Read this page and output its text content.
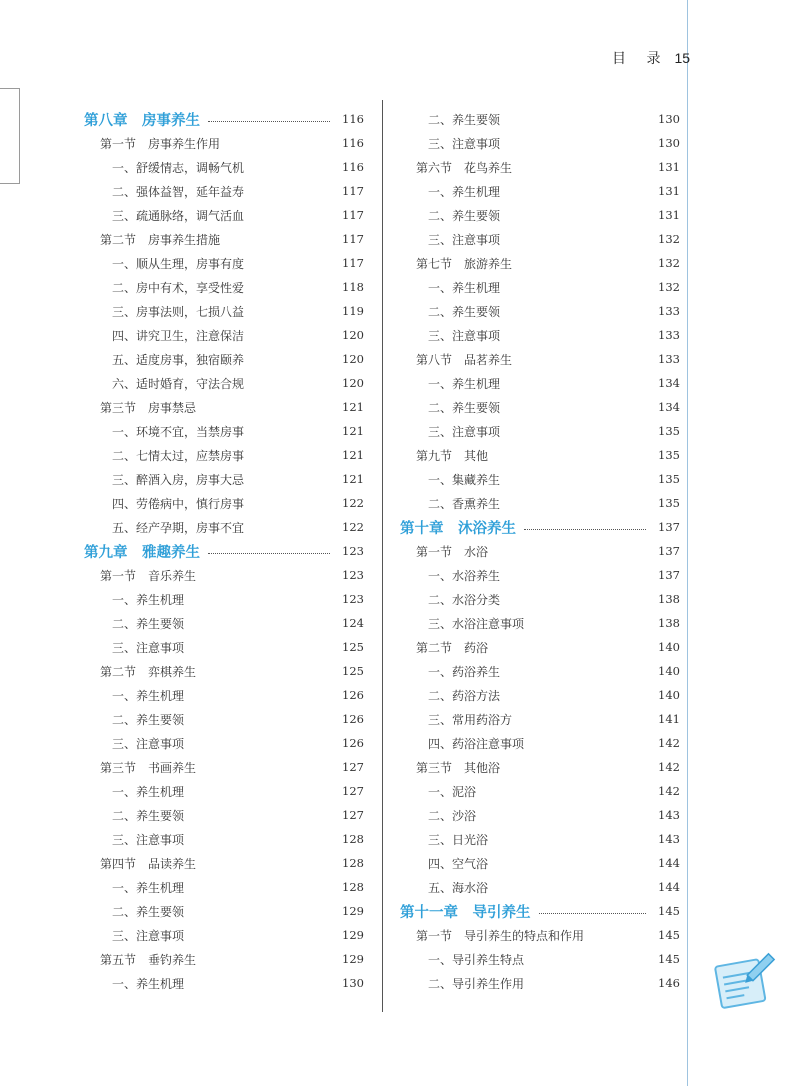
目 录 15
第八章　房事养生	116
第一节　房事养生作用	116
一、舒缓情志，调畅气机	116
二、强体益智，延年益寿	117
三、疏通脉络，调气活血	117
第二节　房事养生措施	117
一、顺从生理，房事有度	117
二、房中有术，享受性爱	118
三、房事法则，七损八益	119
四、讲究卫生，注意保洁	120
五、适度房事，独宿颐养	120
六、适时婚育，守法合规	120
第三节　房事禁忌	121
一、环境不宜，当禁房事	121
二、七情太过，应禁房事	121
三、醉酒入房，房事大忌	121
四、劳倦病中，慎行房事	122
五、经产孕期，房事不宜	122
第九章　雅趣养生	123
第一节　音乐养生	123
一、养生机理	123
二、养生要领	124
三、注意事项	125
第二节　弈棋养生	125
一、养生机理	126
二、养生要领	126
三、注意事项	126
第三节　书画养生	127
一、养生机理	127
二、养生要领	127
三、注意事项	128
第四节　品读养生	128
一、养生机理	128
二、养生要领	129
三、注意事项	129
第五节　垂钓养生	129
一、养生机理	130
二、养生要领	130
三、注意事项	130
第六节　花鸟养生	131
一、养生机理	131
二、养生要领	131
三、注意事项	132
第七节　旅游养生	132
一、养生机理	132
二、养生要领	133
三、注意事项	133
第八节　品茗养生	133
一、养生机理	134
二、养生要领	134
三、注意事项	135
第九节　其他	135
一、集藏养生	135
二、香熏养生	135
第十章　沐浴养生	137
第一节　水浴	137
一、水浴养生	137
二、水浴分类	138
三、水浴注意事项	138
第二节　药浴	140
一、药浴养生	140
二、药浴方法	140
三、常用药浴方	141
四、药浴注意事项	142
第三节　其他浴	142
一、泥浴	142
二、沙浴	143
三、日光浴	143
四、空气浴	144
五、海水浴	144
第十一章　导引养生	145
第一节　导引养生的特点和作用	145
一、导引养生特点	145
二、导引养生作用	146
